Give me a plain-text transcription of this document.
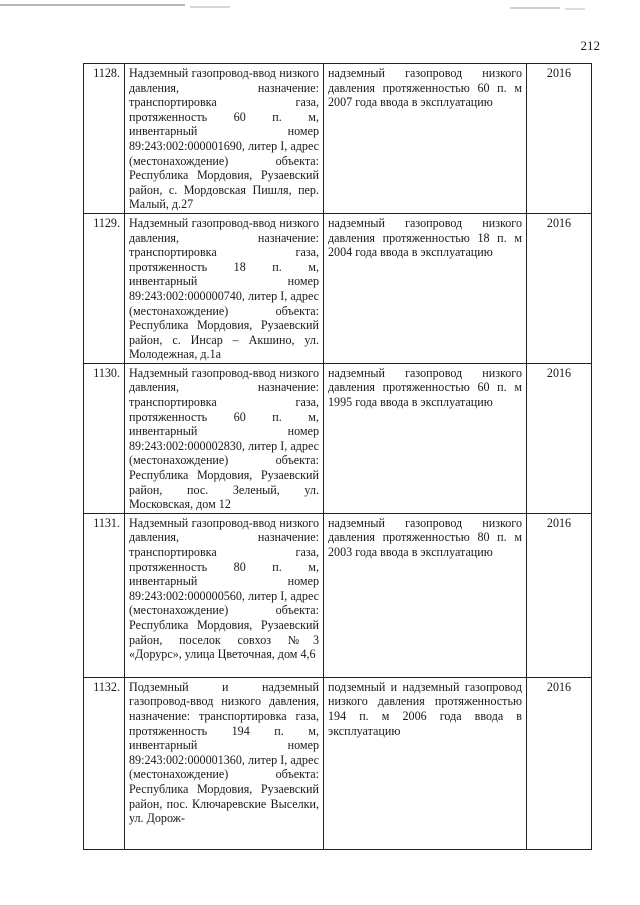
212
1128.	Надземный газопровод-ввод низкого давления, назначение: транспортировка газа, протяженность 60 п. м, инвентарный номер 89:243:002:000001690, литер I, адрес (местонахождение) объекта: Республика Мордовия, Рузаевский район, с. Мордовская Пишля, пер. Малый, д.27	надземный газопровод низкого давления протяженностью 60 п. м 2007 года ввода в эксплуатацию	2016
1129.	Надземный газопровод-ввод низкого давления, назначение: транспортировка газа, протяженность 18 п. м, инвентарный номер 89:243:002:000000740, литер I, адрес (местонахождение) объекта: Республика Мордовия, Рузаевский район, с. Инсар – Акшино, ул. Молодежная, д.1а	надземный газопровод низкого давления протяженностью 18 п. м 2004 года ввода в эксплуатацию	2016
1130.	Надземный газопровод-ввод низкого давления, назначение: транспортировка газа, протяженность 60 п. м, инвентарный номер 89:243:002:000002830, литер I, адрес (местонахождение) объекта: Республика Мордовия, Рузаевский район, пос. Зеленый, ул. Московская, дом 12	надземный газопровод низкого давления протяженностью 60 п. м 1995 года ввода в эксплуатацию	2016
1131.	Надземный газопровод-ввод низкого давления, назначение: транспортировка газа, протяженность 80 п. м, инвентарный номер 89:243:002:000000560, литер I, адрес (местонахождение) объекта: Республика Мордовия, Рузаевский район, поселок совхоз №3 «Дорурс», улица Цветочная, дом 4,6	надземный газопровод низкого давления протяженностью 80 п. м 2003 года ввода в эксплуатацию	2016
1132.	Подземный и надземный газопровод-ввод низкого давления, назначение: транспортировка газа, протяженность 194 п. м, инвентарный номер 89:243:002:000001360, литер I, адрес (местонахождение) объекта: Республика Мордовия, Рузаевский район, пос. Ключаревские Выселки, ул. Дорож-	подземный и надземный газопровод низкого давления протяженностью 194 п. м 2006 года ввода в эксплуатацию	2016
